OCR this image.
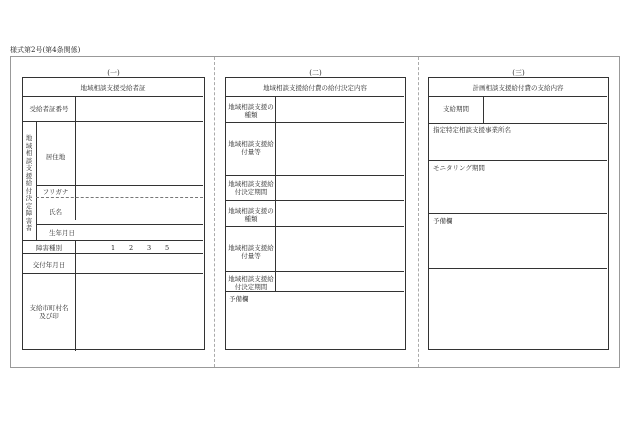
様式第2号(第4条関係)
(一)
地域相談支援受給者証
受給者証番号
地域相談支援給付決定障害者
居住地
フリガナ
氏名
生年月日
障害種別	1 2 3 5
交付年月日
支給市町村名及び印
(二)
地域相談支援給付費の給付決定内容
地域相談支援の種類
地域相談支援給付量等
地域相談支援給付決定期間
地域相談支援の種類
地域相談支援給付量等
地域相談支援給付決定期間
予備欄
(三)
計画相談支援給付費の支給内容
支給期間
指定特定相談支援事業所名
モニタリング期間
予備欄
